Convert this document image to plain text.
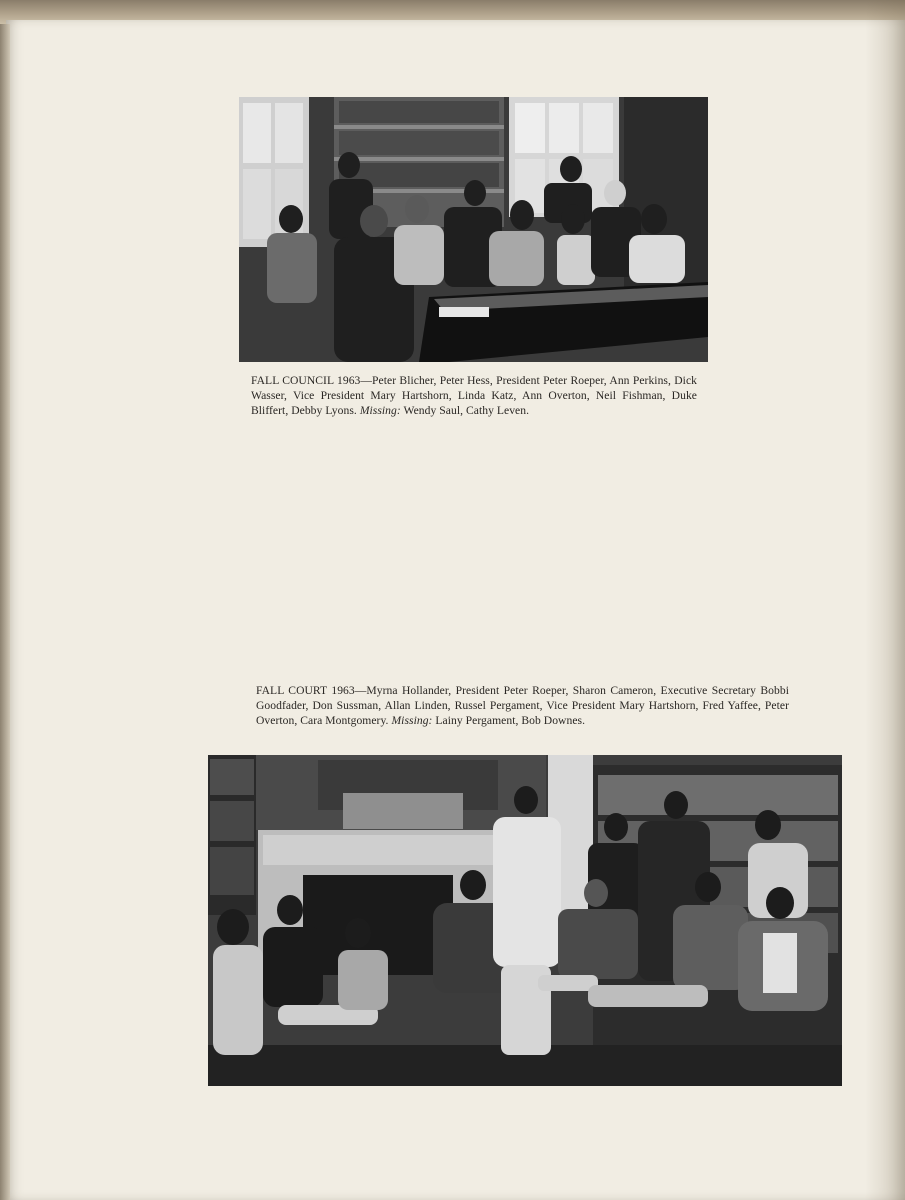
FALL COUNCIL 1963—Peter Blicher, Peter Hess, President Peter Roeper, Ann Perkins, Dick Wasser, Vice President Mary Hartshorn, Linda Katz, Ann Overton, Neil Fishman, Duke Bliffert, Debby Lyons. Missing: Wendy Saul, Cathy Leven.
FALL COURT 1963—Myrna Hollander, President Peter Roeper, Sharon Cameron, Executive Secretary Bobbi Goodfader, Don Sussman, Allan Linden, Russel Pergament, Vice President Mary Hartshorn, Fred Yaffee, Peter Overton, Cara Montgomery. Missing: Lainy Pergament, Bob Downes.
